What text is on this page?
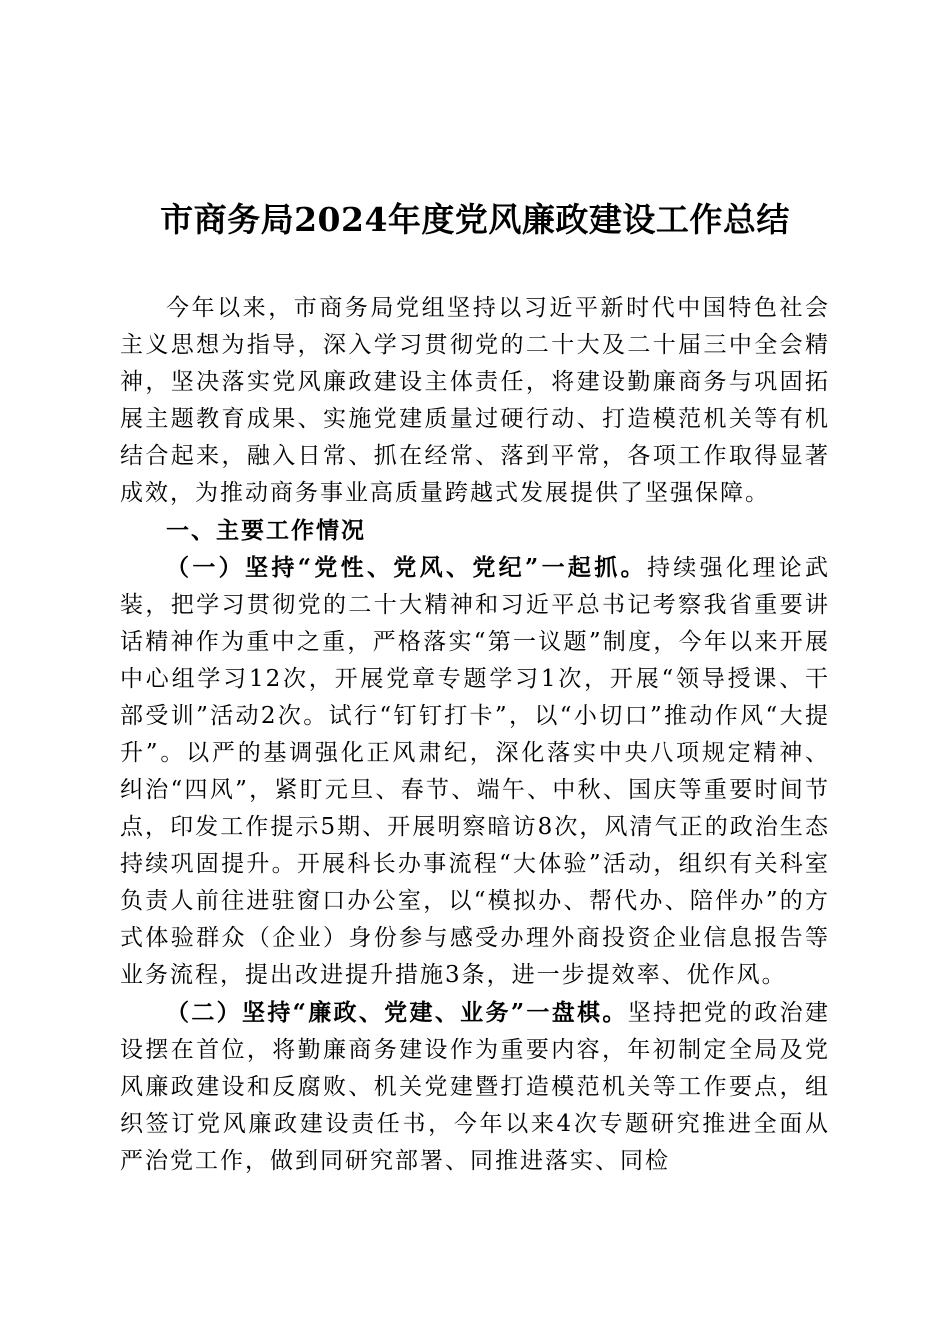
市商务局2024年度党风廉政建设工作总结

今年以来，市商务局党组坚持以习近平新时代中国特色社会主义思想为指导，深入学习贯彻党的二十大及二十届三中全会精神，坚决落实党风廉政建设主体责任，将建设勤廉商务与巩固拓展主题教育成果、实施党建质量过硬行动、打造模范机关等有机结合起来，融入日常、抓在经常、落到平常，各项工作取得显著成效，为推动商务事业高质量跨越式发展提供了坚强保障。

一、主要工作情况

（一）坚持“党性、党风、党纪”一起抓。持续强化理论武装，把学习贯彻党的二十大精神和习近平总书记考察我省重要讲话精神作为重中之重，严格落实“第一议题”制度，今年以来开展中心组学习12次，开展党章专题学习1次，开展“领导授课、干部受训”活动2次。试行“钉钉打卡”，以“小切口”推动作风“大提升”。以严的基调强化正风肃纪，深化落实中央八项规定精神、纠治“四风”，紧盯元旦、春节、端午、中秋、国庆等重要时间节点，印发工作提示5期、开展明察暗访8次，风清气正的政治生态持续巩固提升。开展科长办事流程“大体验”活动，组织有关科室负责人前往进驻窗口办公室，以“模拟办、帮代办、陪伴办”的方式体验群众（企业）身份参与感受办理外商投资企业信息报告等业务流程，提出改进提升措施3条，进一步提效率、优作风。

（二）坚持“廉政、党建、业务”一盘棋。坚持把党的政治建设摆在首位，将勤廉商务建设作为重要内容，年初制定全局及党风廉政建设和反腐败、机关党建暨打造模范机关等工作要点，组织签订党风廉政建设责任书，今年以来4次专题研究推进全面从严治党工作，做到同研究部署、同推进落实、同检
